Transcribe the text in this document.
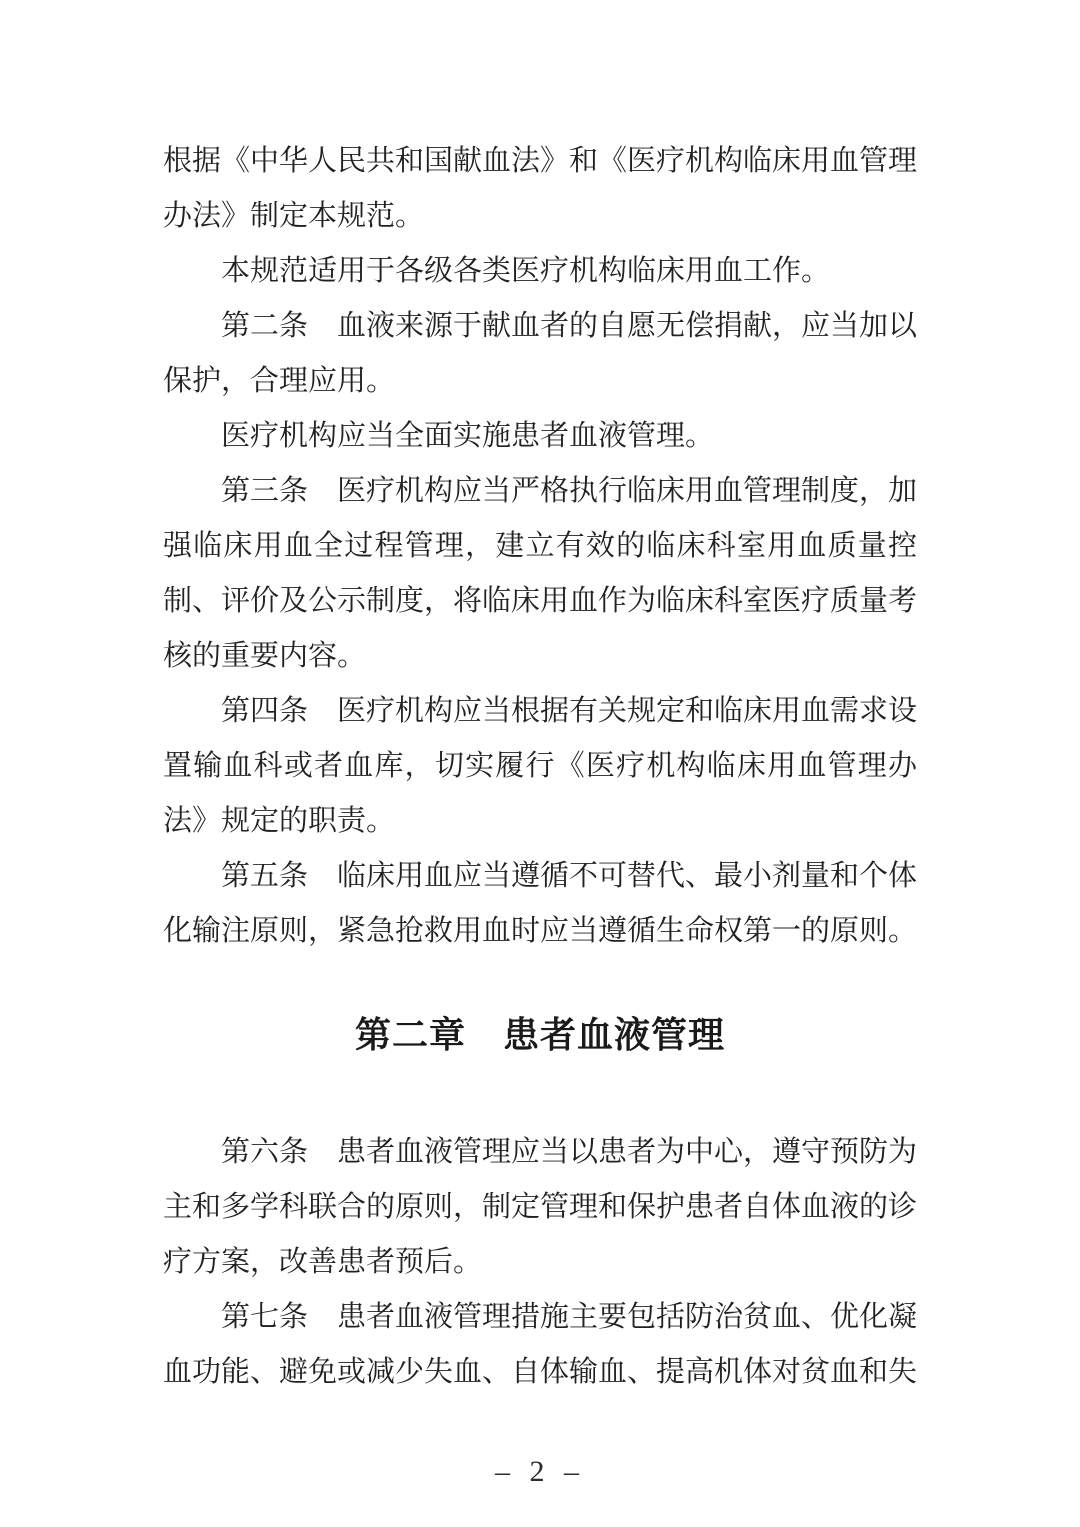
根据《中华人民共和国献血法》和《医疗机构临床用血管理办法》制定本规范。

本规范适用于各级各类医疗机构临床用血工作。

第二条　血液来源于献血者的自愿无偿捐献，应当加以保护，合理应用。

医疗机构应当全面实施患者血液管理。

第三条　医疗机构应当严格执行临床用血管理制度，加强临床用血全过程管理，建立有效的临床科室用血质量控制、评价及公示制度，将临床用血作为临床科室医疗质量考核的重要内容。

第四条　医疗机构应当根据有关规定和临床用血需求设置输血科或者血库，切实履行《医疗机构临床用血管理办法》规定的职责。

第五条　临床用血应当遵循不可替代、最小剂量和个体化输注原则，紧急抢救用血时应当遵循生命权第一的原则。

第二章　患者血液管理

第六条　患者血液管理应当以患者为中心，遵守预防为主和多学科联合的原则，制定管理和保护患者自体血液的诊疗方案，改善患者预后。

第七条　患者血液管理措施主要包括防治贫血、优化凝血功能、避免或减少失血、自体输血、提高机体对贫血和失

– 2 –
